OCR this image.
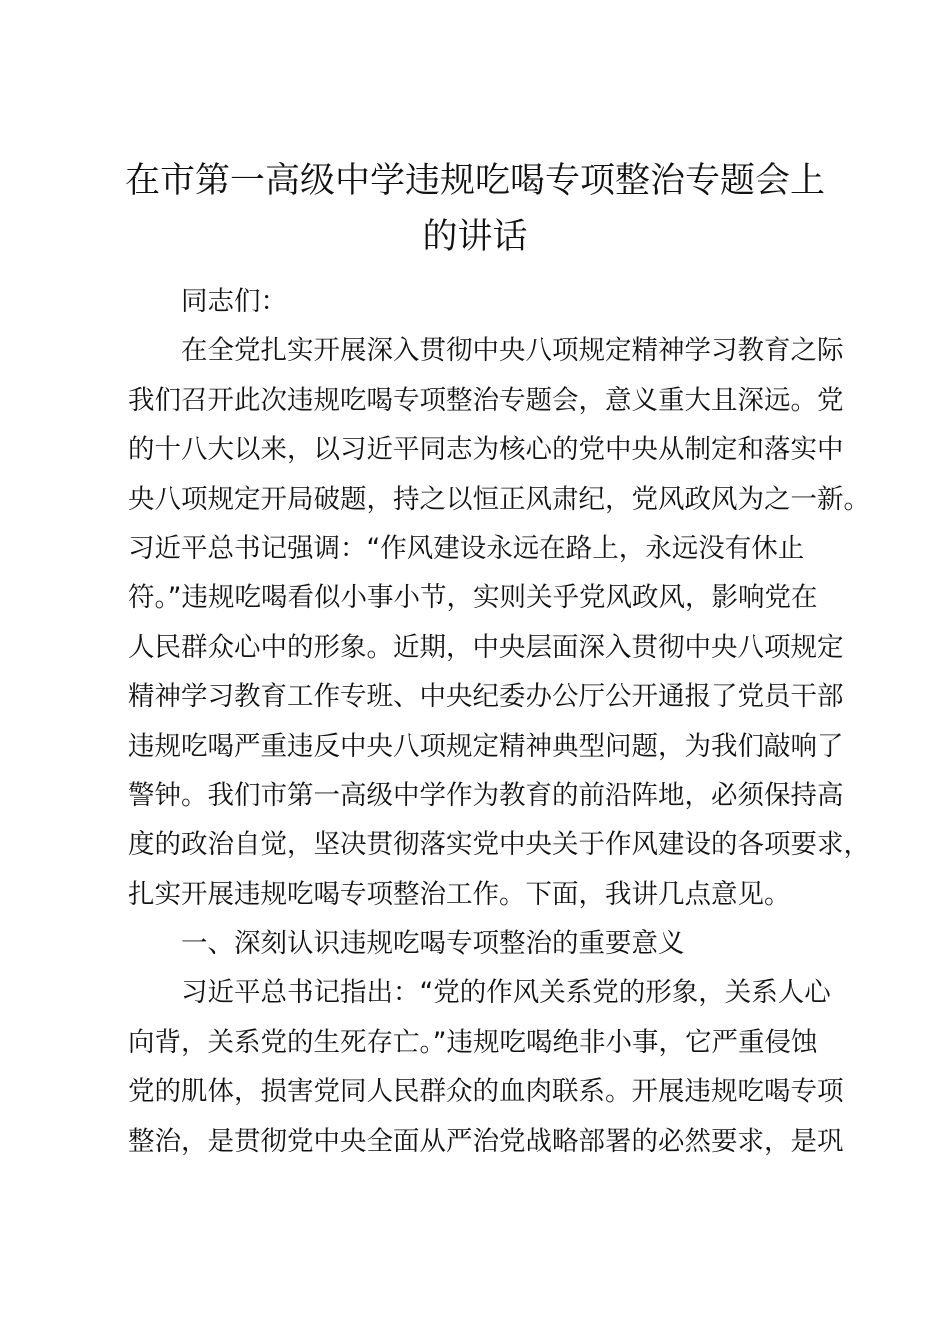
在市第一高级中学违规吃喝专项整治专题会上
的讲话
同志们：
在全党扎实开展深入贯彻中央八项规定精神学习教育之际
我们召开此次违规吃喝专项整治专题会，意义重大且深远。党
的十八大以来，以习近平同志为核心的党中央从制定和落实中
央八项规定开局破题，持之以恒正风肃纪，党风政风为之一新。
习近平总书记强调：“作风建设永远在路上，永远没有休止
符。”违规吃喝看似小事小节，实则关乎党风政风，影响党在
人民群众心中的形象。近期，中央层面深入贯彻中央八项规定
精神学习教育工作专班、中央纪委办公厅公开通报了党员干部
违规吃喝严重违反中央八项规定精神典型问题，为我们敲响了
警钟。我们市第一高级中学作为教育的前沿阵地，必须保持高
度的政治自觉，坚决贯彻落实党中央关于作风建设的各项要求，
扎实开展违规吃喝专项整治工作。下面，我讲几点意见。
一、深刻认识违规吃喝专项整治的重要意义
习近平总书记指出：“党的作风关系党的形象，关系人心
向背，关系党的生死存亡。”违规吃喝绝非小事，它严重侵蚀
党的肌体，损害党同人民群众的血肉联系。开展违规吃喝专项
整治，是贯彻党中央全面从严治党战略部署的必然要求，是巩
